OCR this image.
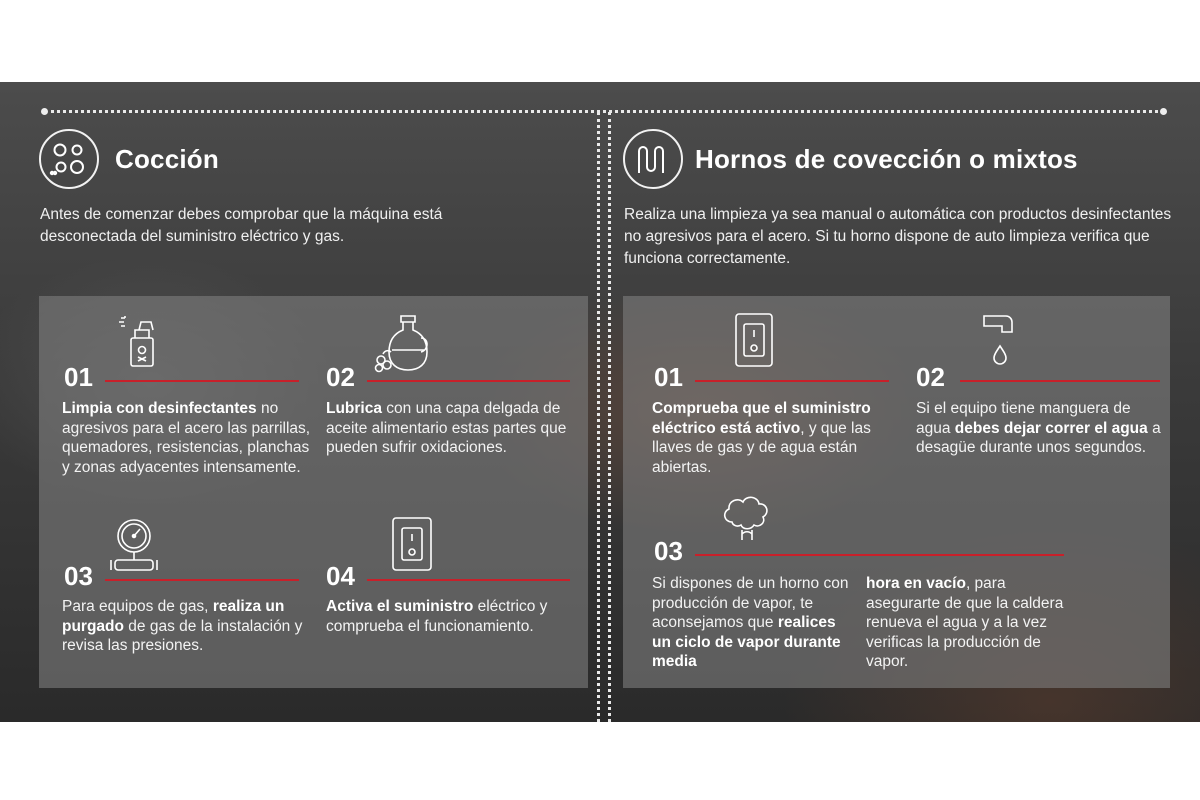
Cocción
Antes de comenzar debes comprobar que la máquina está desconectada del suministro eléctrico y gas.
01
Limpia con desinfectantes no agresivos para el acero las parrillas, quemadores, resistencias, planchas y zonas adyacentes intensamente.
02
Lubrica con una capa delgada de aceite alimentario estas partes que pueden sufrir oxidaciones.
03
Para equipos de gas, realiza un purgado de gas de la instalación y revisa las presiones.
04
Activa el suministro eléctrico y comprueba el funcionamiento.
Hornos de covección o mixtos
Realiza una limpieza ya sea manual o automática con productos desinfectantes no agresivos para el acero. Si tu horno dispone de auto limpieza verifica que funciona correctamente.
01
Comprueba que el suministro eléctrico está activo, y que las llaves de gas y de agua están abiertas.
02
Si el equipo tiene manguera de agua debes dejar correr el agua a desagüe durante unos segundos.
03
Si dispones de un horno con producción de vapor, te aconsejamos que realices un ciclo de vapor durante media
hora en vacío, para asegurarte de que la caldera renueva el agua y a la vez verificas la producción de vapor.
